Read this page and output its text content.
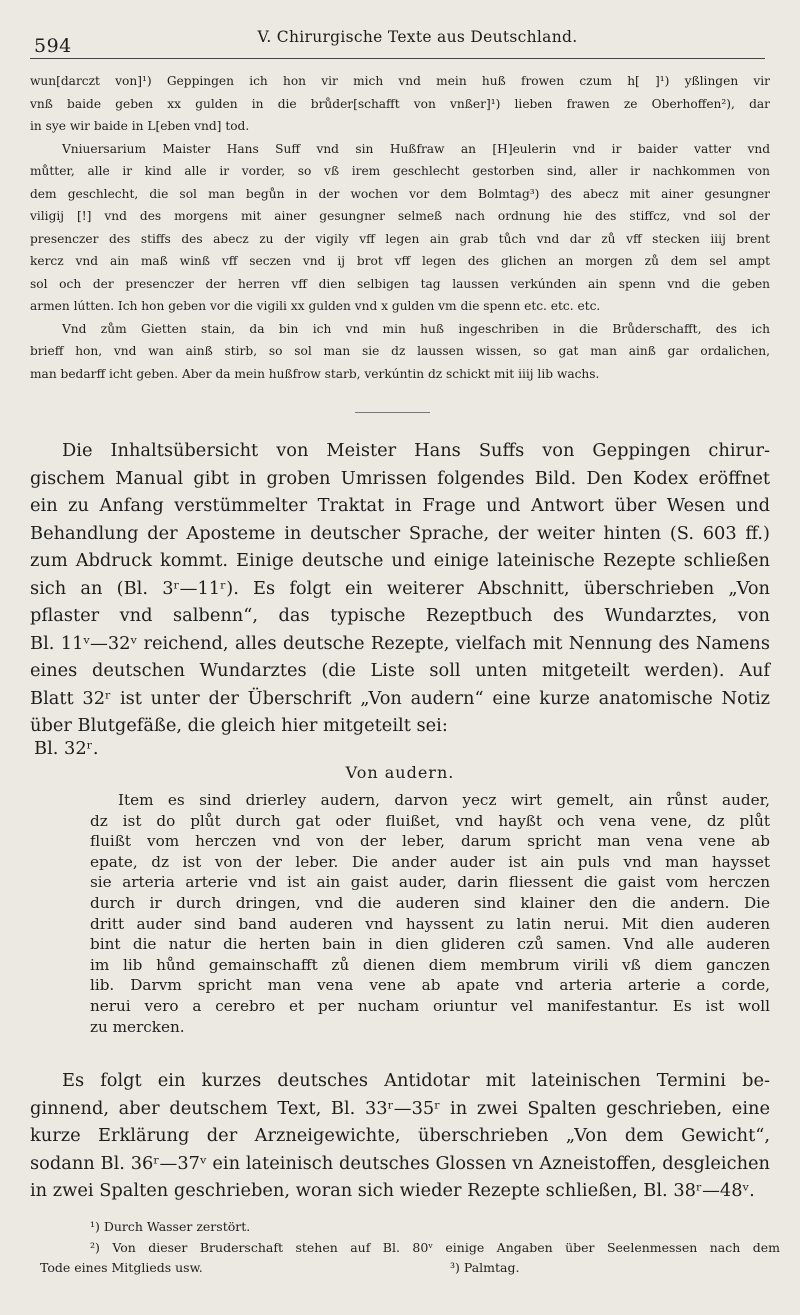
594	V. Chirurgische Texte aus Deutschland.
wun[darczt von]¹) Geppingen ich hon vir mich vnd mein huß frowen czum h[ ]¹) yßlingen vir
vnß baide geben xx gulden in die brůder[schafft von vnßer]¹) lieben frawen ze Oberhoffen²), dar
in sye wir baide in L[eben vnd] tod.
Vniuersarium Maister Hans Suff vnd sin Hußfraw an [H]eulerin vnd ir baider vatter vnd
můtter, alle ir kind alle ir vorder, so vß irem geschlecht gestorben sind, aller ir nachkommen von
dem geschlecht, die sol man begůn in der wochen vor dem Bolmtag³) des abecz mit ainer gesungner
viligij [!] vnd des morgens mit ainer gesungner selmeß nach ordnung hie des stiffcz, vnd sol der
presenczer des stiffs des abecz zu der vigily vff legen ain grab tůch vnd dar zů vff stecken iiij brent
kercz vnd ain maß winß vff seczen vnd ij brot vff legen des glichen an morgen zů dem sel ampt
sol och der presenczer der herren vff dien selbigen tag laussen verkúnden ain spenn vnd die geben
armen lútten. Ich hon geben vor die vigili xx gulden vnd x gulden vm die spenn etc. etc. etc.
Vnd zům Gietten stain, da bin ich vnd min huß ingeschriben in die Brůderschafft, des ich
brieff hon, vnd wan ainß stirb, so sol man sie dz laussen wissen, so gat man ainß gar ordalichen,
man bedarff icht geben. Aber da mein hußfrow starb, verkúntin dz schickt mit iiij lib wachs.
Die Inhaltsübersicht von Meister Hans Suffs von Geppingen chirur-
gischem Manual gibt in groben Umrissen folgendes Bild. Den Kodex eröffnet
ein zu Anfang verstümmelter Traktat in Frage und Antwort über Wesen und
Behandlung der Aposteme in deutscher Sprache, der weiter hinten (S. 603 ff.)
zum Abdruck kommt. Einige deutsche und einige lateinische Rezepte schließen
sich an (Bl. 3ʳ—11ʳ). Es folgt ein weiterer Abschnitt, überschrieben „Von
pflaster vnd salbenn“, das typische Rezeptbuch des Wundarztes, von
Bl. 11ᵛ—32ᵛ reichend, alles deutsche Rezepte, vielfach mit Nennung des Namens
eines deutschen Wundarztes (die Liste soll unten mitgeteilt werden). Auf
Blatt 32ʳ ist unter der Überschrift „Von audern“ eine kurze anatomische Notiz
über Blutgefäße, die gleich hier mitgeteilt sei:
Bl. 32ʳ.
Von audern.
Item es sind drierley audern, darvon yecz wirt gemelt, ain růnst auder,
dz ist do plůt durch gat oder fluißet, vnd hayßt och vena vene, dz plůt
fluißt vom herczen vnd von der leber, darum spricht man vena vene ab
epate, dz ist von der leber. Die ander auder ist ain puls vnd man haysset
sie arteria arterie vnd ist ain gaist auder, darin fliessent die gaist vom herczen
durch ir durch dringen, vnd die auderen sind klainer den die andern. Die
dritt auder sind band auderen vnd hayssent zu latin nerui. Mit dien auderen
bint die natur die herten bain in dien glideren czů samen. Vnd alle auderen
im lib hůnd gemainschafft zů dienen diem membrum virili vß diem ganczen
lib. Darvm spricht man vena vene ab apate vnd arteria arterie a corde,
nerui vero a cerebro et per nucham oriuntur vel manifestantur. Es ist woll
zu mercken.
Es folgt ein kurzes deutsches Antidotar mit lateinischen Termini be-
ginnend, aber deutschem Text, Bl. 33ʳ—35ʳ in zwei Spalten geschrieben, eine
kurze Erklärung der Arzneigewichte, überschrieben „Von dem Gewicht“,
sodann Bl. 36ʳ—37ᵛ ein lateinisch deutsches Glossen vn Azneistoffen, desgleichen
in zwei Spalten geschrieben, woran sich wieder Rezepte schließen, Bl. 38ʳ—48ᵛ.
¹) Durch Wasser zerstört.
²) Von dieser Bruderschaft stehen auf Bl. 80ᵛ einige Angaben über Seelenmessen nach dem
Tode eines Mitglieds usw.	³) Palmtag.
